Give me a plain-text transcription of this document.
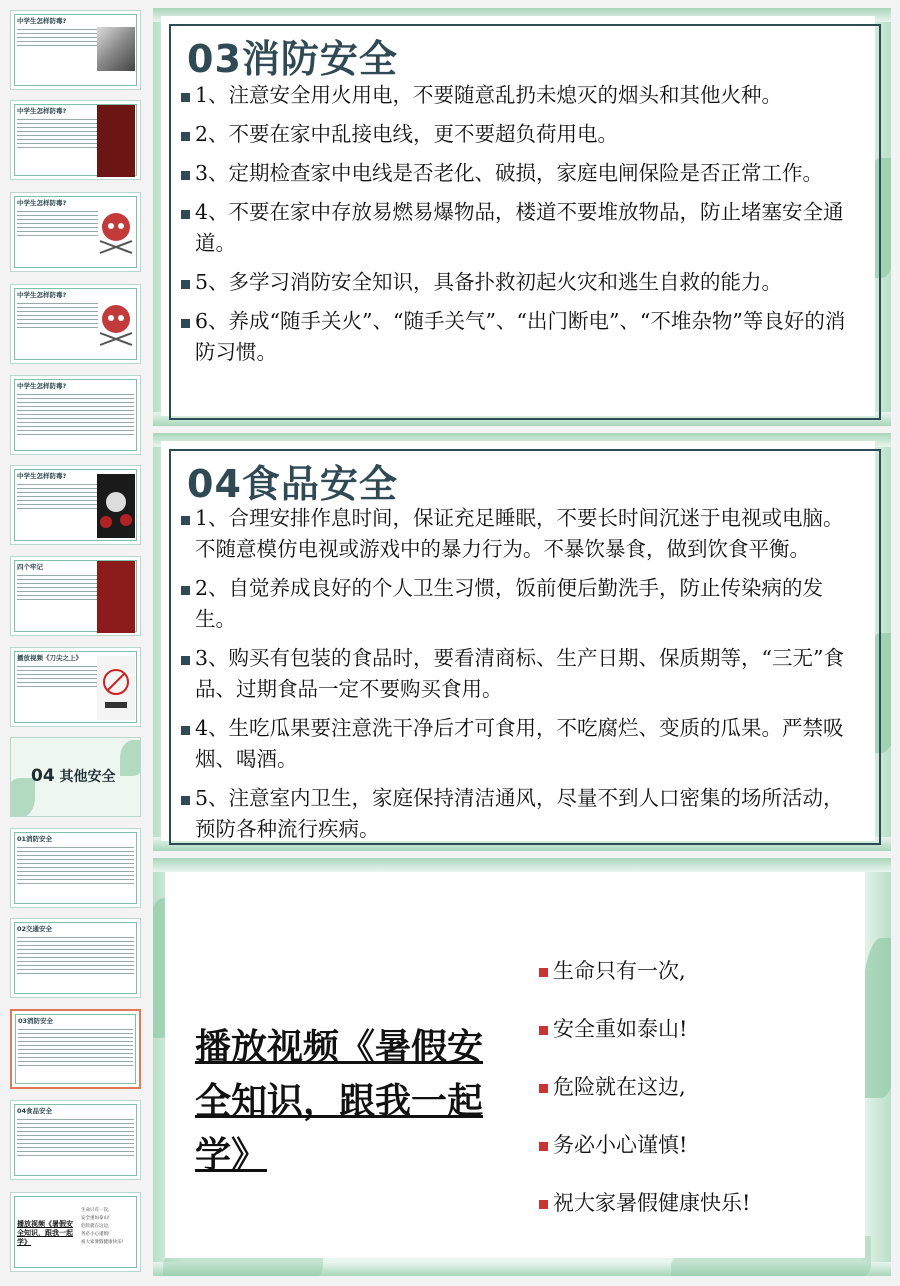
中学生怎样防毒?
中学生怎样防毒?
中学生怎样防毒?
中学生怎样防毒?
中学生怎样防毒?
中学生怎样防毒?
四个牢记
播放视频《刀尖之上》
04 其他安全
01消防安全
02交通安全
03消防安全
04食品安全
播放视频《暑假安全知识，跟我一起学》
生命只有一次,
安全重如泰山!
危险就在这边,
务必小心谨慎!
祝大家暑假健康快乐!
03消防安全
1、注意安全用火用电，不要随意乱扔未熄灭的烟头和其他火种。
2、不要在家中乱接电线，更不要超负荷用电。
3、定期检查家中电线是否老化、破损，家庭电闸保险是否正常工作。
4、不要在家中存放易燃易爆物品，楼道不要堆放物品，防止堵塞安全通道。
5、多学习消防安全知识，具备扑救初起火灾和逃生自救的能力。
6、养成“随手关火”、“随手关气”、“出门断电”、“不堆杂物”等良好的消防习惯。
04食品安全
1、合理安排作息时间，保证充足睡眠，不要长时间沉迷于电视或电脑。不随意模仿电视或游戏中的暴力行为。不暴饮暴食，做到饮食平衡。
2、自觉养成良好的个人卫生习惯，饭前便后勤洗手，防止传染病的发生。
3、购买有包装的食品时，要看清商标、生产日期、保质期等，“三无”食品、过期食品一定不要购买食用。
4、生吃瓜果要注意洗干净后才可食用，不吃腐烂、变质的瓜果。严禁吸烟、喝酒。
5、注意室内卫生，家庭保持清洁通风，尽量不到人口密集的场所活动，预防各种流行疾病。
播放视频《暑假安全知识，跟我一起学》
生命只有一次,
安全重如泰山!
危险就在这边,
务必小心谨慎!
祝大家暑假健康快乐!
